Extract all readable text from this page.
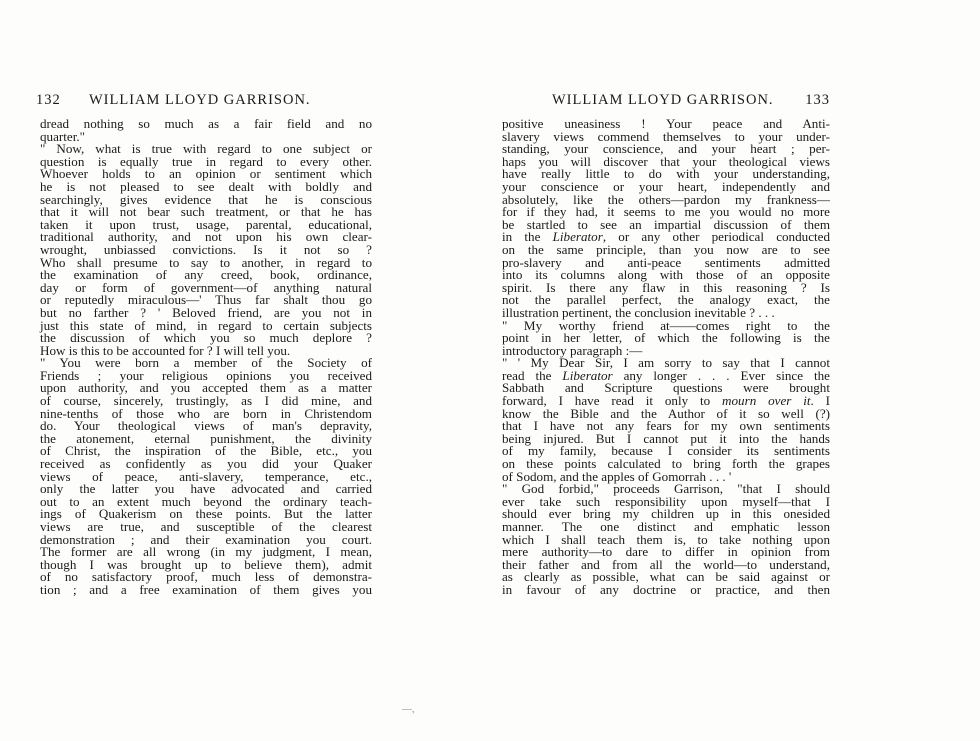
132 WILLIAM LLOYD GARRISON.
dread nothing so much as a fair field and no
quarter."
" Now, what is true with regard to one subject or
question is equally true in regard to every other.
Whoever holds to an opinion or sentiment which
he is not pleased to see dealt with boldly and
searchingly, gives evidence that he is conscious
that it will not bear such treatment, or that he has
taken it upon trust, usage, parental, educational,
traditional authority, and not upon his own clear-
wrought, unbiassed convictions. Is it not so ?
Who shall presume to say to another, in regard to
the examination of any creed, book, ordinance,
day or form of government—of anything natural
or reputedly miraculous—' Thus far shalt thou go
but no farther ? ' Beloved friend, are you not in
just this state of mind, in regard to certain subjects
the discussion of which you so much deplore ?
How is this to be accounted for ? I will tell you.
" You were born a member of the Society of
Friends ; your religious opinions you received
upon authority, and you accepted them as a matter
of course, sincerely, trustingly, as I did mine, and
nine-tenths of those who are born in Christendom
do. Your theological views of man's depravity,
the atonement, eternal punishment, the divinity
of Christ, the inspiration of the Bible, etc., you
received as confidently as you did your Quaker
views of peace, anti-slavery, temperance, etc.,
only the latter you have advocated and carried
out to an extent much beyond the ordinary teach-
ings of Quakerism on these points. But the latter
views are true, and susceptible of the clearest
demonstration ; and their examination you court.
The former are all wrong (in my judgment, I mean,
though I was brought up to believe them), admit
of no satisfactory proof, much less of demonstra-
tion ; and a free examination of them gives you
WILLIAM LLOYD GARRISON. 133
positive uneasiness ! Your peace and Anti-
slavery views commend themselves to your under-
standing, your conscience, and your heart ; per-
haps you will discover that your theological views
have really little to do with your understanding,
your conscience or your heart, independently and
absolutely, like the others—pardon my frankness—
for if they had, it seems to me you would no more
be startled to see an impartial discussion of them
in the Liberator, or any other periodical conducted
on the same principle, than you now are to see
pro-slavery and anti-peace sentiments admitted
into its columns along with those of an opposite
spirit. Is there any flaw in this reasoning ? Is
not the parallel perfect, the analogy exact, the
illustration pertinent, the conclusion inevitable ? . . .
" My worthy friend at——comes right to the
point in her letter, of which the following is the
introductory paragraph :—
" ' My Dear Sir, I am sorry to say that I cannot
read the Liberator any longer . . . Ever since the
Sabbath and Scripture questions were brought
forward, I have read it only to mourn over it. I
know the Bible and the Author of it so well (?)
that I have not any fears for my own sentiments
being injured. But I cannot put it into the hands
of my family, because I consider its sentiments
on these points calculated to bring forth the grapes
of Sodom, and the apples of Gomorrah . . . '
" God forbid," proceeds Garrison, "that I should
ever take such responsibility upon myself—that I
should ever bring my children up in this onesided
manner. The one distinct and emphatic lesson
which I shall teach them is, to take nothing upon
mere authority—to dare to differ in opinion from
their father and from all the world—to understand,
as clearly as possible, what can be said against or
in favour of any doctrine or practice, and then
—,
